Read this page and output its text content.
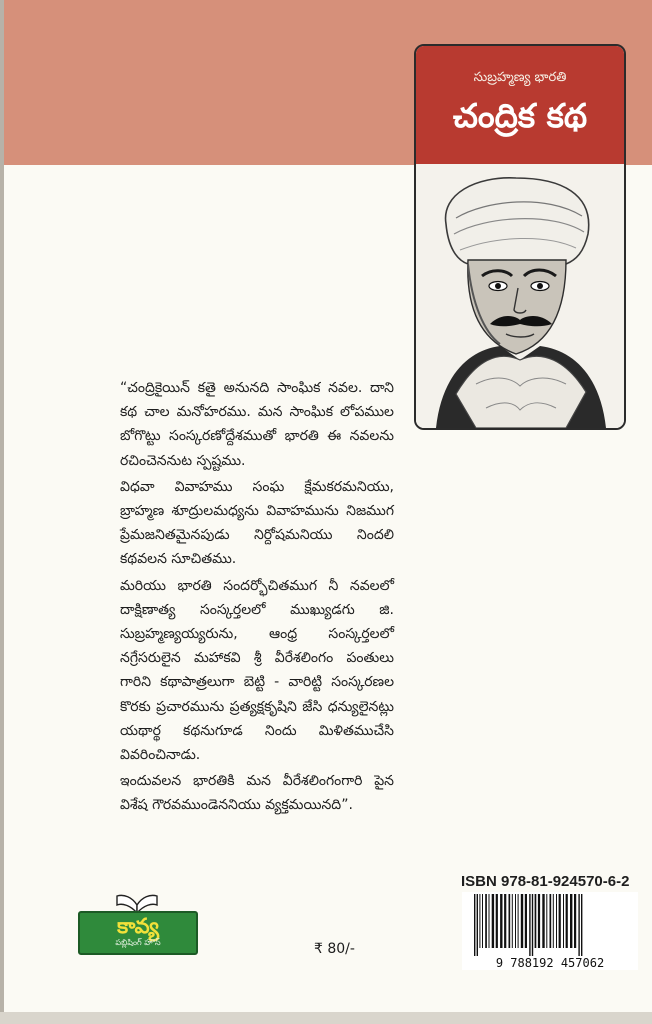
సుబ్రహ్మణ్య భారతి
చంద్రిక కథ

“చంద్రికైయిన్ కతై అనునది సాంఘిక నవల. దాని కథ చాల మనోహరము. మన సాంఘిక లోపముల బోగొట్టు సంస్కరణోద్దేశముతో భారతి ఈ నవలను రచించెననుట స్పష్టము.

విధవా వివాహము సంఘ క్షేమకరమనియు, బ్రాహ్మణ శూద్రులమధ్యను వివాహమును నిజముగ ప్రేమజనితమైనపుడు నిర్దోషమనియు నిందలి కథవలన సూచితము.

మరియు భారతి సందర్భోచితముగ నీ నవలలో దాక్షిణాత్య సంస్కర్తలలో ముఖ్యుడగు జి. సుబ్రహ్మణ్యయ్యరును, ఆంధ్ర సంస్కర్తలలో నగ్రేసరులైన మహాకవి శ్రీ వీరేశలింగం పంతులు గారిని కథాపాత్రలుగా బెట్టి - వారిట్టి సంస్కరణల కొరకు ప్రచారమును ప్రత్యక్షకృషిని జేసి ధన్యులైనట్లు యథార్థ కథనుగూడ నిందు మిళితముచేసి వివరించినాడు.

ఇందువలన భారతికి మన వీరేశలింగంగారి పైన విశేష గౌరవముండెననియు వ్యక్తమయినది”.

ISBN 978-81-924570-6-2
9 788192 457062
కావ్య
పబ్లిషింగ్ హౌస్	₹ 80/-
